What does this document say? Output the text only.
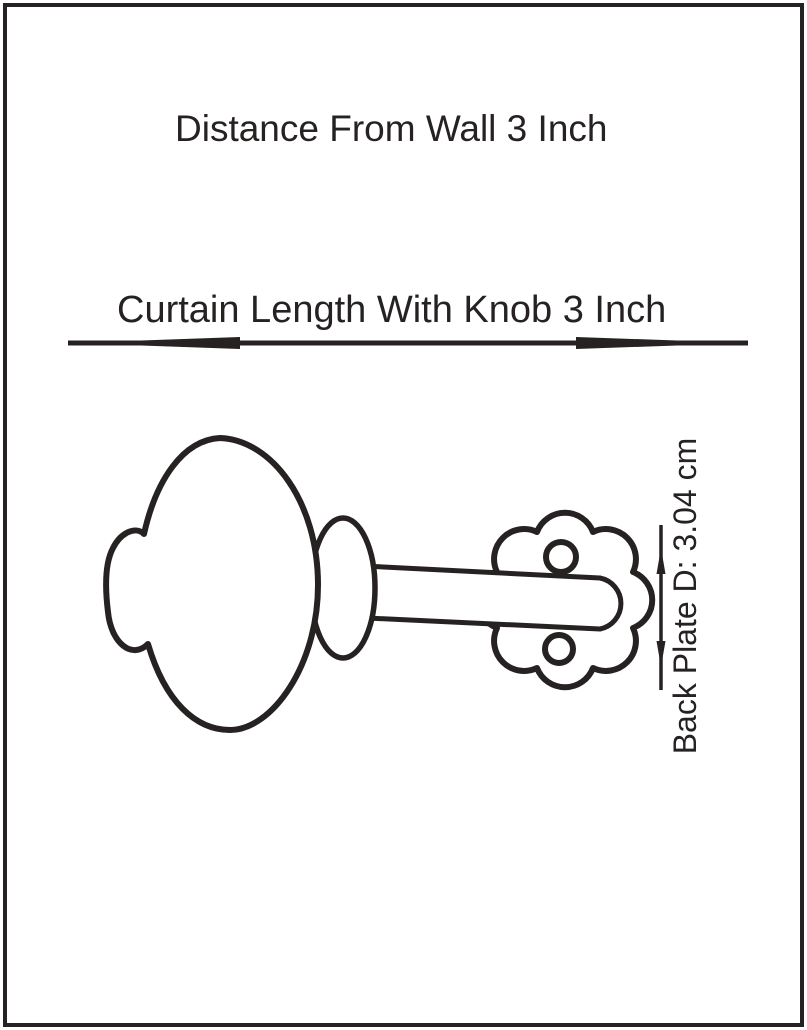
Distance From Wall 3 Inch
Curtain Length With Knob 3 Inch
Back Plate D: 3.04 cm
